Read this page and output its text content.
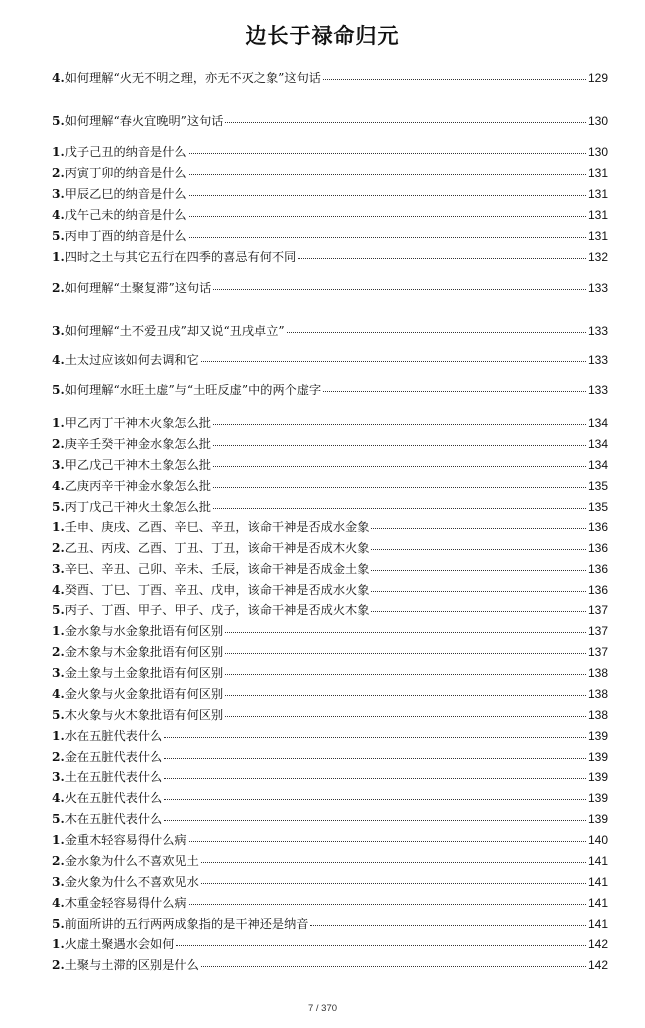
边长于禄命归元
4.如何理解“火无不明之理，亦无不灭之象”这句话	129
5.如何理解“春火宜晚明”这句话	130
1.戊子己丑的纳音是什么	130
2.丙寅丁卯的纳音是什么	131
3.甲辰乙巳的纳音是什么	131
4.戊午己未的纳音是什么	131
5.丙申丁酉的纳音是什么	131
1.四时之土与其它五行在四季的喜忌有何不同	132
2.如何理解“土聚复滞”这句话	133
3.如何理解“土不爱丑戌”却又说“丑戌卓立”	133
4.土太过应该如何去调和它	133
5.如何理解“水旺土虚”与“土旺反虚”中的两个虚字	133
1.甲乙丙丁干神木火象怎么批	134
2.庚辛壬癸干神金水象怎么批	134
3.甲乙戊己干神木土象怎么批	134
4.乙庚丙辛干神金水象怎么批	135
5.丙丁戊己干神火土象怎么批	135
1.壬申、庚戌、乙酉、辛巳、辛丑，该命干神是否成水金象	136
2.乙丑、丙戌、乙酉、丁丑、丁丑，该命干神是否成木火象	136
3.辛巳、辛丑、己卯、辛未、壬辰，该命干神是否成金土象	136
4.癸酉、丁巳、丁酉、辛丑、戊申，该命干神是否成水火象	136
5.丙子、丁酉、甲子、甲子、戊子，该命干神是否成火木象	137
1.金水象与水金象批语有何区别	137
2.金木象与木金象批语有何区别	137
3.金土象与土金象批语有何区别	138
4.金火象与火金象批语有何区别	138
5.木火象与火木象批语有何区别	138
1.水在五脏代表什么	139
2.金在五脏代表什么	139
3.土在五脏代表什么	139
4.火在五脏代表什么	139
5.木在五脏代表什么	139
1.金重木轻容易得什么病	140
2.金水象为什么不喜欢见土	141
3.金火象为什么不喜欢见水	141
4.木重金轻容易得什么病	141
5.前面所讲的五行两两成象指的是干神还是纳音	141
1.火虚土聚遇水会如何	142
2.土聚与土滞的区别是什么	142
7 / 370
